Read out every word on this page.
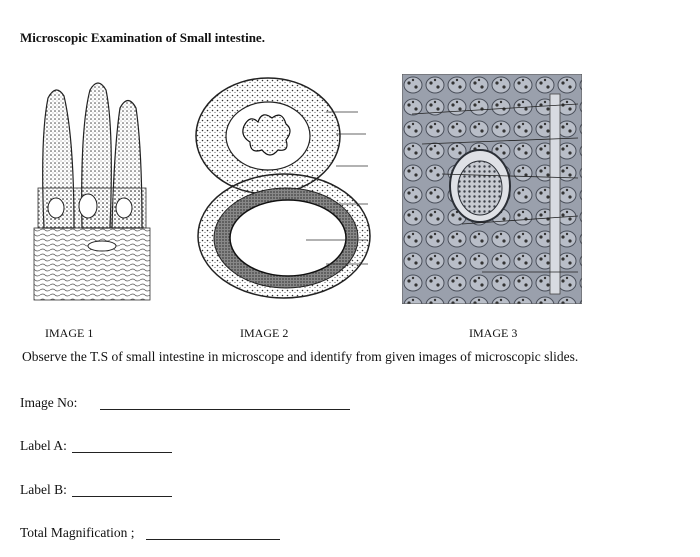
Microscopic Examination of Small intestine.
IMAGE 1	IMAGE 2	IMAGE 3
Observe the T.S of small intestine in microscope and identify from given images of microscopic slides.
Image No:
Label A:
Label B:
Total Magnification ;
